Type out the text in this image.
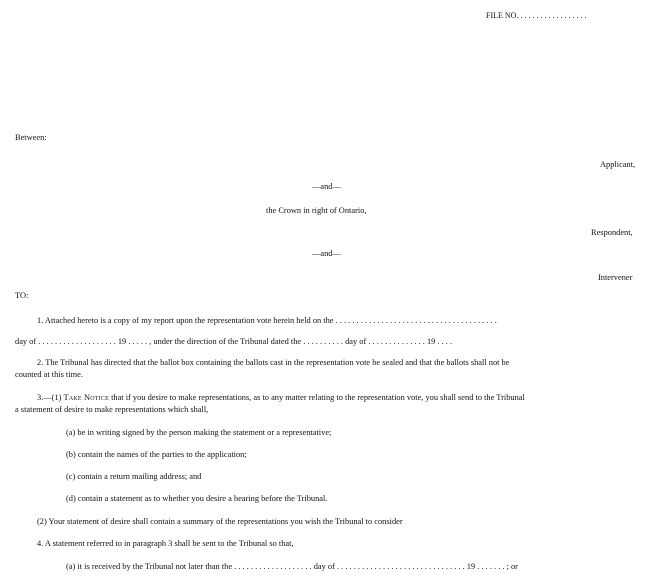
FILE NO. . . . . . . . . . . . . . . . . .
Between:
Applicant,
—and—
the Crown in right of Ontario,
Respondent,
—and—
Intervener
TO:
1. Attached hereto is a copy of my report upon the representation vote herein held on the . . . . . . . . . . . . . . . . . . . . . . . . . . . . . . . . . . . . . . .
day of . . . . . . . . . . . . . . . . . . . 19 . . . . . , under the direction of the Tribunal dated the . . . . . . . . . . day of . . . . . . . . . . . . . . 19 . . . .
2. The Tribunal has directed that the ballot box containing the ballots cast in the representation vote be sealed and that the ballots shall not be
counted at this time.
3.—(1) Take Notice that if you desire to make representations, as to any matter relating to the representation vote, you shall send to the Tribunal
a statement of desire to make representations which shall,
(a) be in writing signed by the person making the statement or a representative;
(b) contain the names of the parties to the application;
(c) contain a return mailing address; and
(d) contain a statement as to whether you desire a hearing before the Tribunal.
(2) Your statement of desire shall contain a summary of the representations you wish the Tribunal to consider
4. A statement referred to in paragraph 3 shall be sent to the Tribunal so that,
(a) it is received by the Tribunal not later than the . . . . . . . . . . . . . . . . . . . day of . . . . . . . . . . . . . . . . . . . . . . . . . . . . . . . 19 . . . . . . . ; or
